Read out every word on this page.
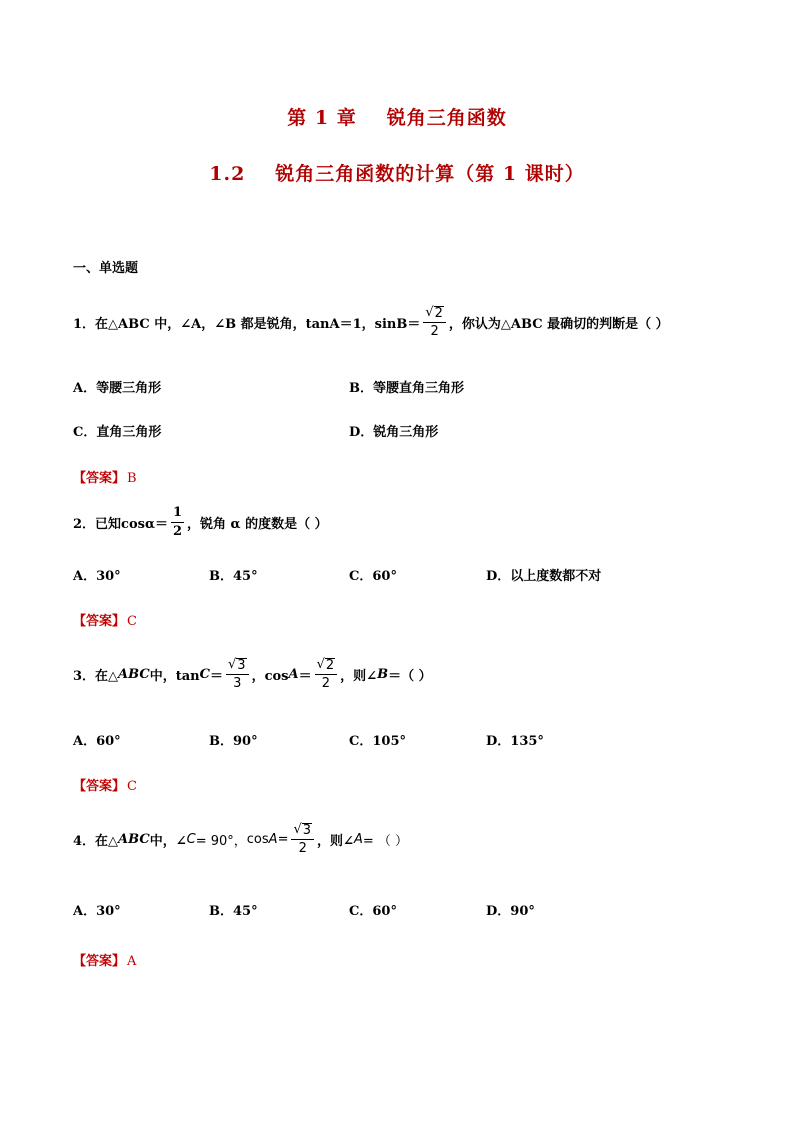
第 1 章 锐角三角函数
1.2 锐角三角函数的计算（第 1 课时）
一、单选题
1．在△ABC 中，∠A，∠B 都是锐角，tanA＝1，$\sin B= \frac{√ 2}{2}$ ，你认为△ABC 最确切的判断是（ ）
A．等腰三角形	B．等腰直角三角形
C．直角三角形	D．锐角三角形
【答案】 B
2．已知$\cos\alpha= \frac{1}{2}$ ，锐角 α 的度数是（ ）
A．30°	B．45°	C．60°	D．以上度数都不对
【答案】 C
3．在△ ABC 中，$\tan C = \frac{√ 3}{3}$ ，$\cos A = \frac{√ 2}{2}$ ，则∠ B ＝（ ）
A．60°	B．90°	C．105°	D．135°
【答案】 C
4．在△ ABC 中，∠ C = 90°， $\cos A = \frac{√ 3}{2}$ ，则∠ A = （ ）
A．30°	B．45°	C．60°	D．90°
【答案】 A
